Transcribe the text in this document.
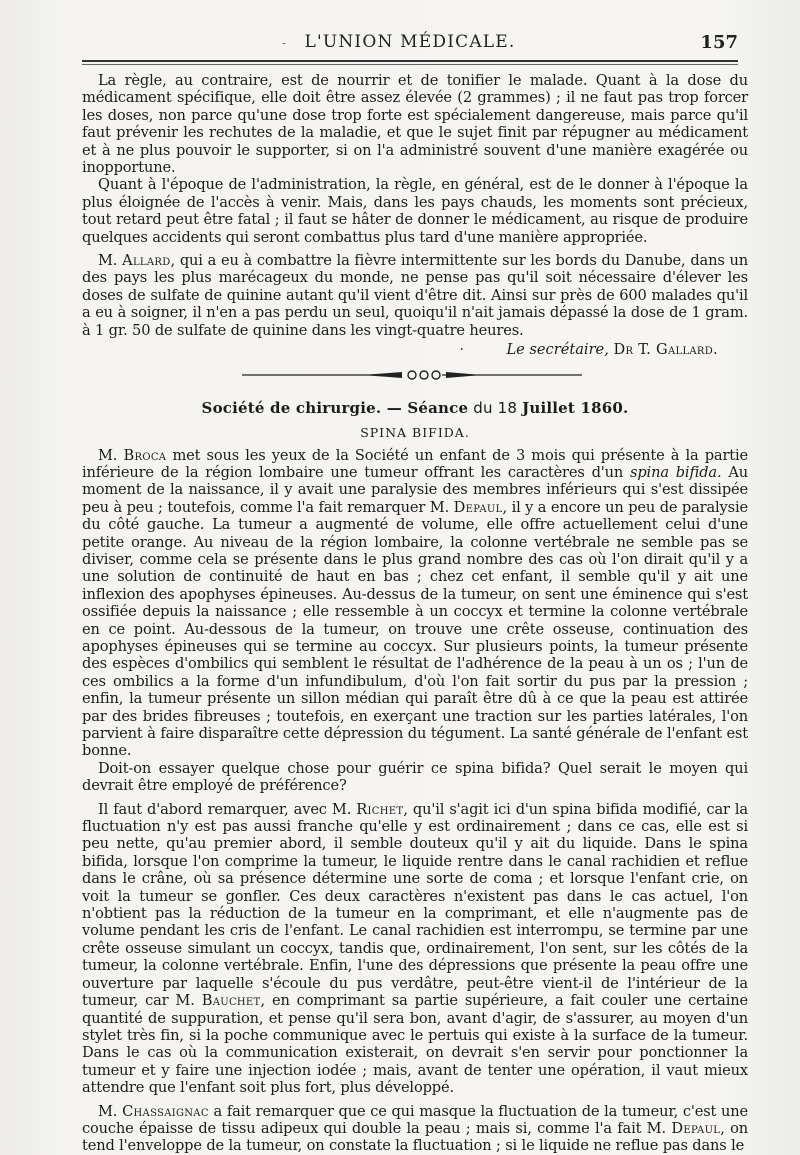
-	L'UNION MÉDICALE.	157

La règle, au contraire, est de nourrir et de tonifier le malade. Quant à la dose du médicament spécifique, elle doit être assez élevée (2 grammes) ; il ne faut pas trop forcer les doses, non parce qu'une dose trop forte est spécialement dangereuse, mais parce qu'il faut prévenir les rechutes de la maladie, et que le sujet finit par répugner au médicament et à ne plus pouvoir le supporter, si on l'a administré souvent d'une manière exagérée ou inopportune.

Quant à l'époque de l'administration, la règle, en général, est de le donner à l'époque la plus éloignée de l'accès à venir. Mais, dans les pays chauds, les moments sont précieux, tout retard peut être fatal ; il faut se hâter de donner le médicament, au risque de produire quelques accidents qui seront combattus plus tard d'une manière appropriée.

M. Allard, qui a eu à combattre la fièvre intermittente sur les bords du Danube, dans un des pays les plus marécageux du monde, ne pense pas qu'il soit nécessaire d'élever les doses de sulfate de quinine autant qu'il vient d'être dit. Ainsi sur près de 600 malades qu'il a eu à soigner, il n'en a pas perdu un seul, quoiqu'il n'ait jamais dépassé la dose de 1 gram. à 1 gr. 50 de sulfate de quinine dans les vingt-quatre heures.

·	Le secrétaire, Dr T. Gallard.
Société de chirurgie. — Séance du 18 Juillet 1860.
SPINA BIFIDA.

M. Broca met sous les yeux de la Société un enfant de 3 mois qui présente à la partie inférieure de la région lombaire une tumeur offrant les caractères d'un spina bifida. Au moment de la naissance, il y avait une paralysie des membres inférieurs qui s'est dissipée peu à peu ; toutefois, comme l'a fait remarquer M. Depaul, il y a encore un peu de paralysie du côté gauche. La tumeur a augmenté de volume, elle offre actuellement celui d'une petite orange. Au niveau de la région lombaire, la colonne vertébrale ne semble pas se diviser, comme cela se présente dans le plus grand nombre des cas où l'on dirait qu'il y a une solution de continuité de haut en bas ; chez cet enfant, il semble qu'il y ait une inflexion des apophyses épineuses. Au-dessus de la tumeur, on sent une éminence qui s'est ossifiée depuis la naissance ; elle ressemble à un coccyx et termine la colonne vertébrale en ce point. Au-dessous de la tumeur, on trouve une crête osseuse, continuation des apophyses épineuses qui se termine au coccyx. Sur plusieurs points, la tumeur présente des espèces d'ombilics qui semblent le résultat de l'adhérence de la peau à un os ; l'un de ces ombilics a la forme d'un infundibulum, d'où l'on fait sortir du pus par la pression ; enfin, la tumeur présente un sillon médian qui paraît être dû à ce que la peau est attirée par des brides fibreuses ; toutefois, en exerçant une traction sur les parties latérales, l'on parvient à faire disparaître cette dépression du tégument. La santé générale de l'enfant est bonne.

Doit-on essayer quelque chose pour guérir ce spina bifida? Quel serait le moyen qui devrait être employé de préférence?

Il faut d'abord remarquer, avec M. Richet, qu'il s'agit ici d'un spina bifida modifié, car la fluctuation n'y est pas aussi franche qu'elle y est ordinairement ; dans ce cas, elle est si peu nette, qu'au premier abord, il semble douteux qu'il y ait du liquide. Dans le spina bifida, lorsque l'on comprime la tumeur, le liquide rentre dans le canal rachidien et reflue dans le crâne, où sa présence détermine une sorte de coma ; et lorsque l'enfant crie, on voit la tumeur se gonfler. Ces deux caractères n'existent pas dans le cas actuel, l'on n'obtient pas la réduction de la tumeur en la comprimant, et elle n'augmente pas de volume pendant les cris de l'enfant. Le canal rachidien est interrompu, se termine par une crête osseuse simulant un coccyx, tandis que, ordinairement, l'on sent, sur les côtés de la tumeur, la colonne vertébrale. Enfin, l'une des dépressions que présente la peau offre une ouverture par laquelle s'écoule du pus verdâtre, peut-être vient-il de l'intérieur de la tumeur, car M. Bauchet, en comprimant sa partie supérieure, a fait couler une certaine quantité de suppuration, et pense qu'il sera bon, avant d'agir, de s'assurer, au moyen d'un stylet très fin, si la poche communique avec le pertuis qui existe à la surface de la tumeur. Dans le cas où la communication existerait, on devrait s'en servir pour ponctionner la tumeur et y faire une injection iodée ; mais, avant de tenter une opération, il vaut mieux attendre que l'enfant soit plus fort, plus développé.

M. Chassaignac a fait remarquer que ce qui masque la fluctuation de la tumeur, c'est une couche épaisse de tissu adipeux qui double la peau ; mais si, comme l'a fait M. Depaul, on tend l'enveloppe de la tumeur, on constate la fluctuation ; si le liquide ne reflue pas dans le
